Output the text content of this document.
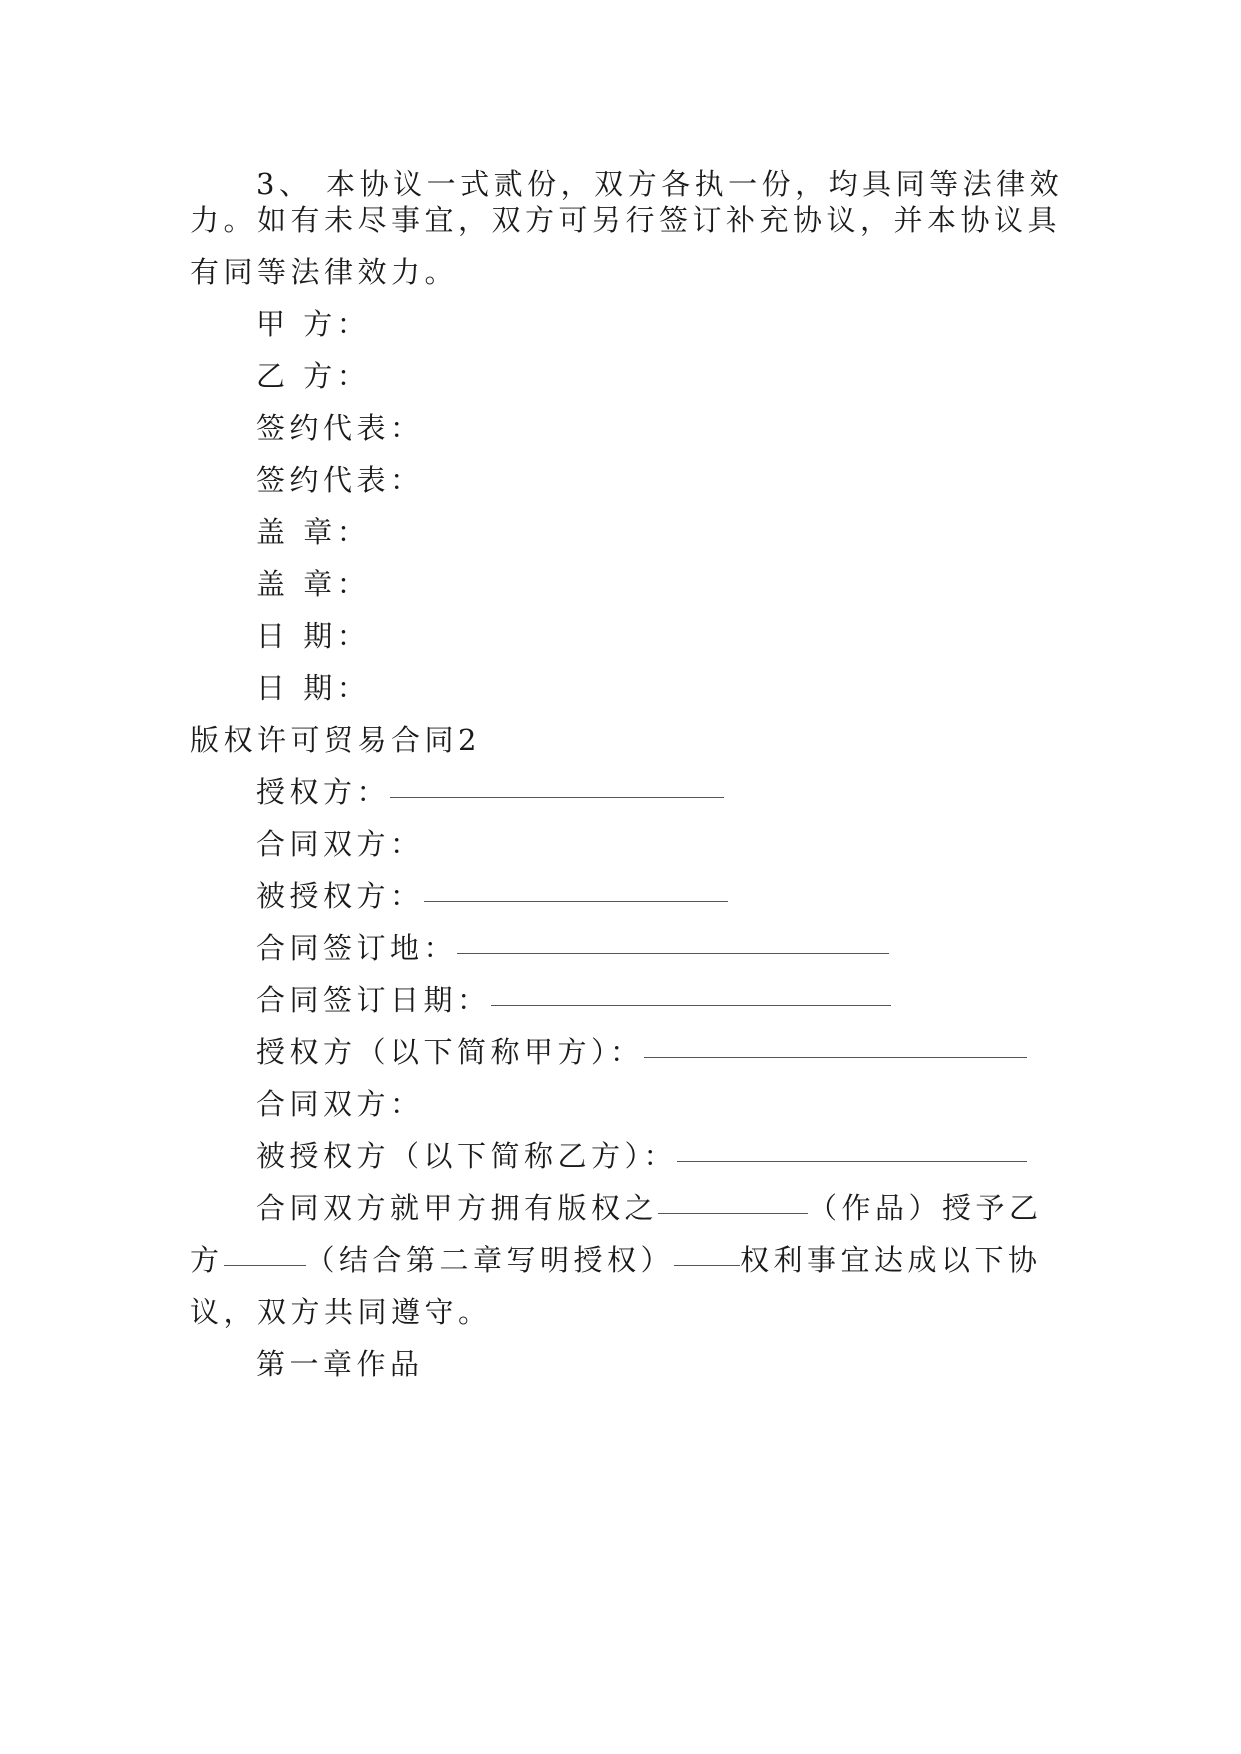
3、 本协议一式贰份，双方各执一份，均具同等法律效
力。如有未尽事宜，双方可另行签订补充协议，并本协议具
有同等法律效力。
甲 方：
乙 方：
签约代表：
签约代表：
盖 章：
盖 章：
日 期：
日 期：
版权许可贸易合同2
授权方：
合同双方：
被授权方：
合同签订地：
合同签订日期：
授权方（以下简称甲方）：
合同双方：
被授权方（以下简称乙方）：
合同双方就甲方拥有版权之	（作品）授予乙
方	（结合第二章写明授权） 权利事宜达成以下协
议，双方共同遵守。
第一章作品
